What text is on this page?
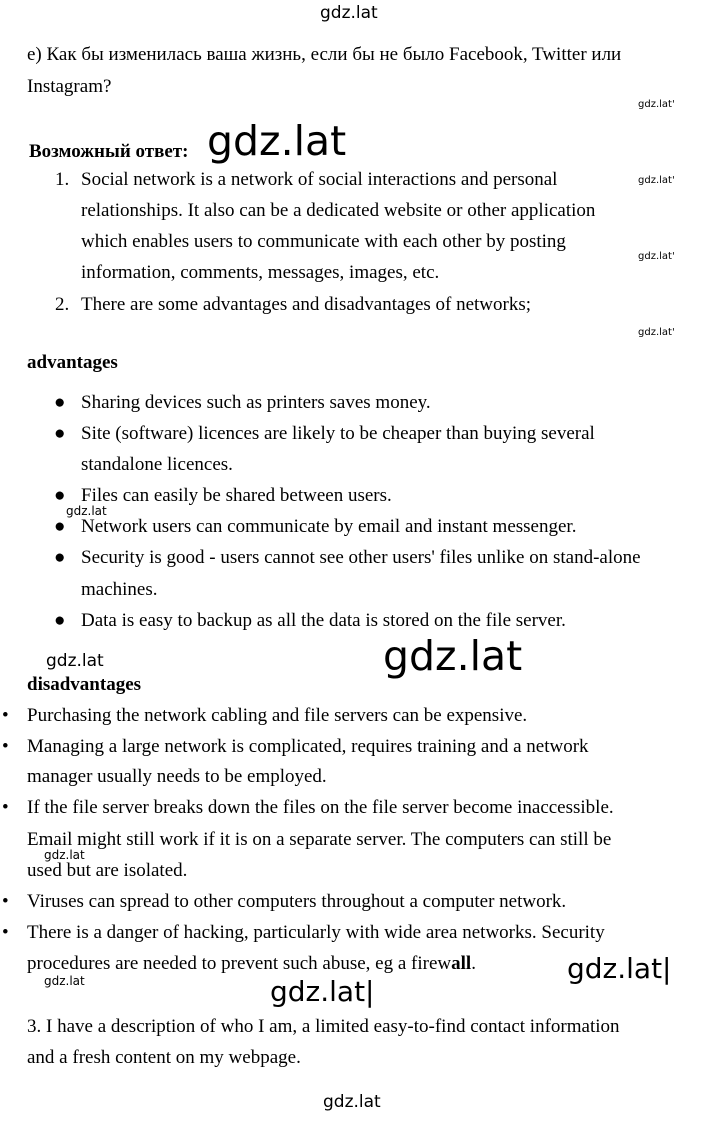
gdz.lat
e) Как бы изменилась ваша жизнь, если бы не было Facebook, Twitter или
Instagram?
gdz.lat'
Возможный ответ: gdz.lat
1. Social network is a network of social interactions and personal
relationships. It also can be a dedicated website or other application
which enables users to communicate with each other by posting
information, comments, messages, images, etc.
gdz.lat'
gdz.lat'
2. There are some advantages and disadvantages of networks;
gdz.lat'
advantages
● Sharing devices such as printers saves money.
● Site (software) licences are likely to be cheaper than buying several
standalone licences.
● Files can easily be shared between users.
gdz.lat
● Network users can communicate by email and instant messenger.
● Security is good - users cannot see other users' files unlike on stand-alone
machines.
● Data is easy to backup as all the data is stored on the file server.
gdz.lat	gdz.lat
disadvantages
• Purchasing the network cabling and file servers can be expensive.
• Managing a large network is complicated, requires training and a network
manager usually needs to be employed.
• If the file server breaks down the files on the file server become inaccessible.
Email might still work if it is on a separate server. The computers can still be
gdz.lat
used but are isolated.
• Viruses can spread to other computers throughout a computer network.
• There is a danger of hacking, particularly with wide area networks. Security
procedures are needed to prevent such abuse, eg a firewall.
gdz.lat	gdz.lat|
gdz.lat|
3. I have a description of who I am, a limited easy-to-find contact information
and a fresh content on my webpage.
gdz.lat
